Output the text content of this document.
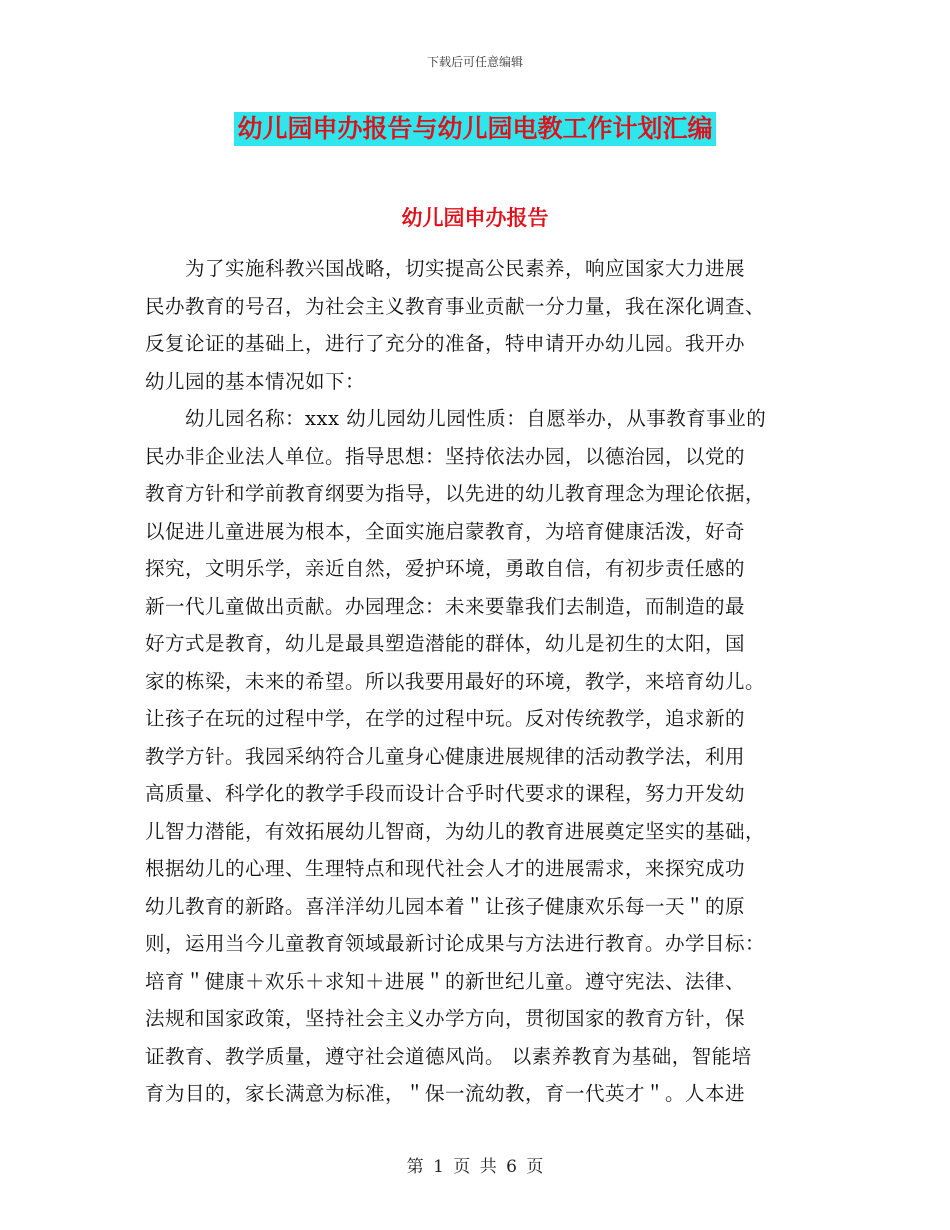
下载后可任意编辑
幼儿园申办报告与幼儿园电教工作计划汇编
幼儿园申办报告
为了实施科教兴国战略，切实提高公民素养，响应国家大力进展
民办教育的号召，为社会主义教育事业贡献一分力量，我在深化调查、
反复论证的基础上，进行了充分的准备，特申请开办幼儿园。我开办
幼儿园的基本情况如下：
幼儿园名称：xxx 幼儿园幼儿园性质：自愿举办，从事教育事业的
民办非企业法人单位。指导思想：坚持依法办园，以德治园，以党的
教育方针和学前教育纲要为指导，以先进的幼儿教育理念为理论依据，
以促进儿童进展为根本，全面实施启蒙教育，为培育健康活泼，好奇
探究，文明乐学，亲近自然，爱护环境，勇敢自信，有初步责任感的
新一代儿童做出贡献。办园理念：未来要靠我们去制造，而制造的最
好方式是教育，幼儿是最具塑造潜能的群体，幼儿是初生的太阳，国
家的栋梁，未来的希望。所以我要用最好的环境，教学，来培育幼儿。
让孩子在玩的过程中学，在学的过程中玩。反对传统教学，追求新的
教学方针。我园采纳符合儿童身心健康进展规律的活动教学法，利用
高质量、科学化的教学手段而设计合乎时代要求的课程，努力开发幼
儿智力潜能，有效拓展幼儿智商，为幼儿的教育进展奠定坚实的基础，
根据幼儿的心理、生理特点和现代社会人才的进展需求，来探究成功
幼儿教育的新路。喜洋洋幼儿园本着＂让孩子健康欢乐每一天＂的原
则，运用当今儿童教育领域最新讨论成果与方法进行教育。办学目标：
培育＂健康＋欢乐＋求知＋进展＂的新世纪儿童。遵守宪法、法律、
法规和国家政策，坚持社会主义办学方向，贯彻国家的教育方针，保
证教育、教学质量，遵守社会道德风尚。 以素养教育为基础，智能培
育为目的，家长满意为标准，＂保一流幼教，育一代英才＂。人本进
第 1 页 共 6 页
